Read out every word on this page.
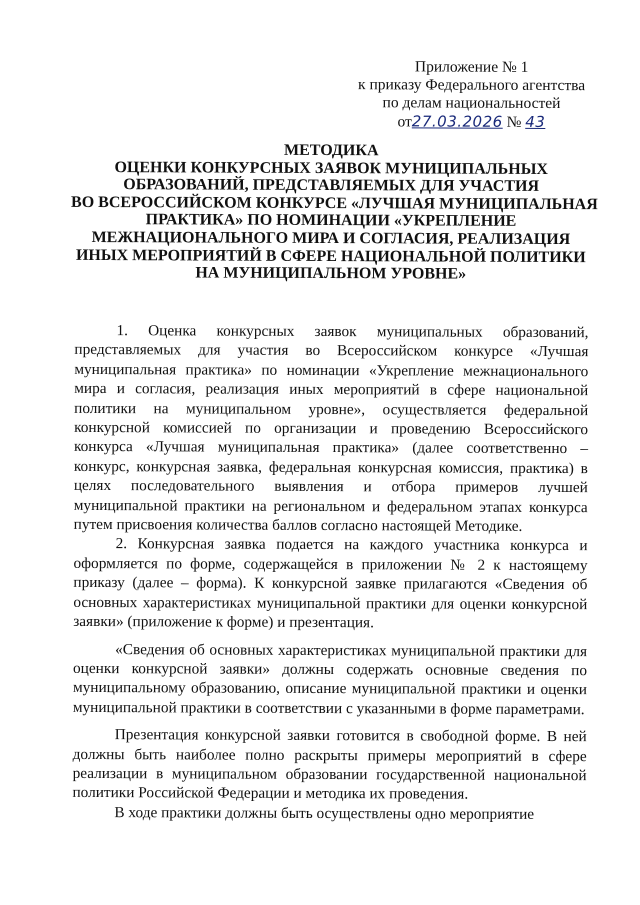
Приложение № 1
к приказу Федерального агентства
по делам национальностей
от27.03.2026 № 43
МЕТОДИКА
ОЦЕНКИ КОНКУРСНЫХ ЗАЯВОК МУНИЦИПАЛЬНЫХ
ОБРАЗОВАНИЙ, ПРЕДСТАВЛЯЕМЫХ ДЛЯ УЧАСТИЯ
ВО ВСЕРОССИЙСКОМ КОНКУРСЕ «ЛУЧШАЯ МУНИЦИПАЛЬНАЯ
ПРАКТИКА» ПО НОМИНАЦИИ «УКРЕПЛЕНИЕ
МЕЖНАЦИОНАЛЬНОГО МИРА И СОГЛАСИЯ, РЕАЛИЗАЦИЯ
ИНЫХ МЕРОПРИЯТИЙ В СФЕРЕ НАЦИОНАЛЬНОЙ ПОЛИТИКИ
НА МУНИЦИПАЛЬНОМ УРОВНЕ»

1. Оценка конкурсных заявок муниципальных образований, представляемых для участия во Всероссийском конкурсе «Лучшая муниципальная практика» по номинации «Укрепление межнационального мира и согласия, реализация иных мероприятий в сфере национальной политики на муниципальном уровне», осуществляется федеральной конкурсной комиссией по организации и проведению Всероссийского конкурса «Лучшая муниципальная практика» (далее соответственно – конкурс, конкурсная заявка, федеральная конкурсная комиссия, практика) в целях последовательного выявления и отбора примеров лучшей муниципальной практики на региональном и федеральном этапах конкурса путем присвоения количества баллов согласно настоящей Методике.

2. Конкурсная заявка подается на каждого участника конкурса и оформляется по форме, содержащейся в приложении № 2 к настоящему приказу (далее – форма). К конкурсной заявке прилагаются «Сведения об основных характеристиках муниципальной практики для оценки конкурсной заявки» (приложение к форме) и презентация.

«Сведения об основных характеристиках муниципальной практики для оценки конкурсной заявки» должны содержать основные сведения по муниципальному образованию, описание муниципальной практики и оценки муниципальной практики в соответствии с указанными в форме параметрами.

Презентация конкурсной заявки готовится в свободной форме. В ней должны быть наиболее полно раскрыты примеры мероприятий в сфере реализации в муниципальном образовании государственной национальной политики Российской Федерации и методика их проведения.

В ходе практики должны быть осуществлены одно мероприятие
